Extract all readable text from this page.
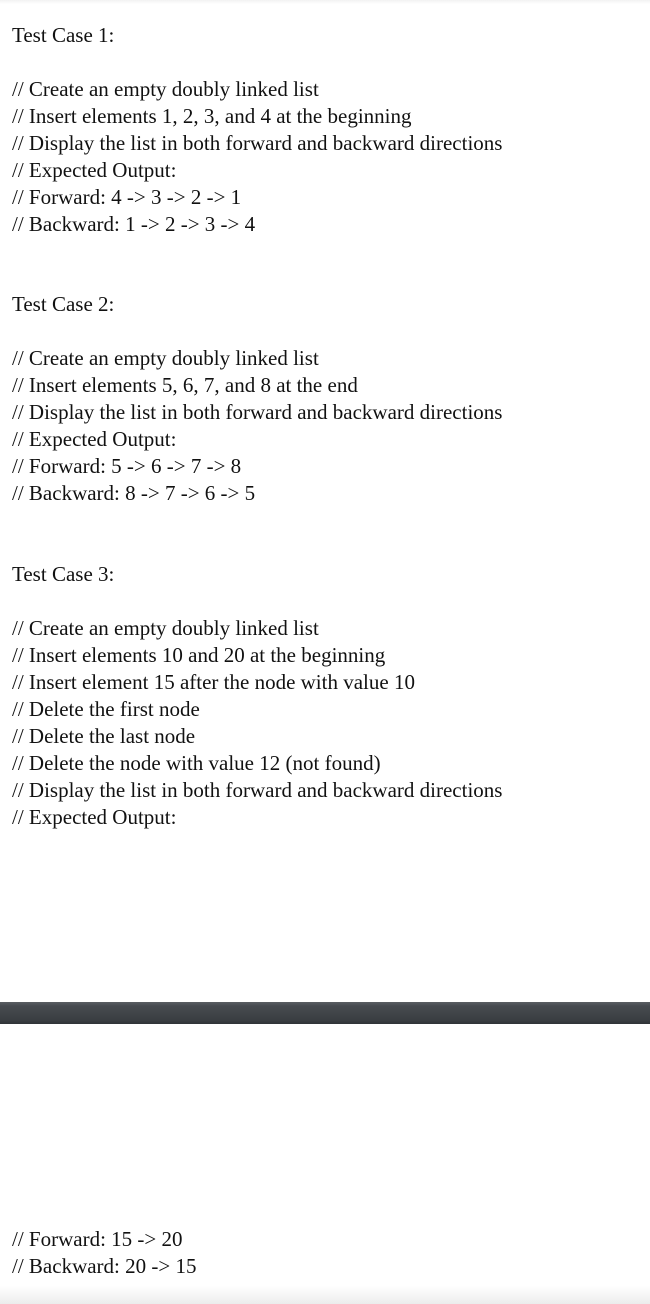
Test Case 1:
// Create an empty doubly linked list
// Insert elements 1, 2, 3, and 4 at the beginning
// Display the list in both forward and backward directions
// Expected Output:
// Forward: 4 -> 3 -> 2 -> 1
// Backward: 1 -> 2 -> 3 -> 4
Test Case 2:
// Create an empty doubly linked list
// Insert elements 5, 6, 7, and 8 at the end
// Display the list in both forward and backward directions
// Expected Output:
// Forward: 5 -> 6 -> 7 -> 8
// Backward: 8 -> 7 -> 6 -> 5
Test Case 3:
// Create an empty doubly linked list
// Insert elements 10 and 20 at the beginning
// Insert element 15 after the node with value 10
// Delete the first node
// Delete the last node
// Delete the node with value 12 (not found)
// Display the list in both forward and backward directions
// Expected Output:
// Forward: 15 -> 20
// Backward: 20 -> 15
